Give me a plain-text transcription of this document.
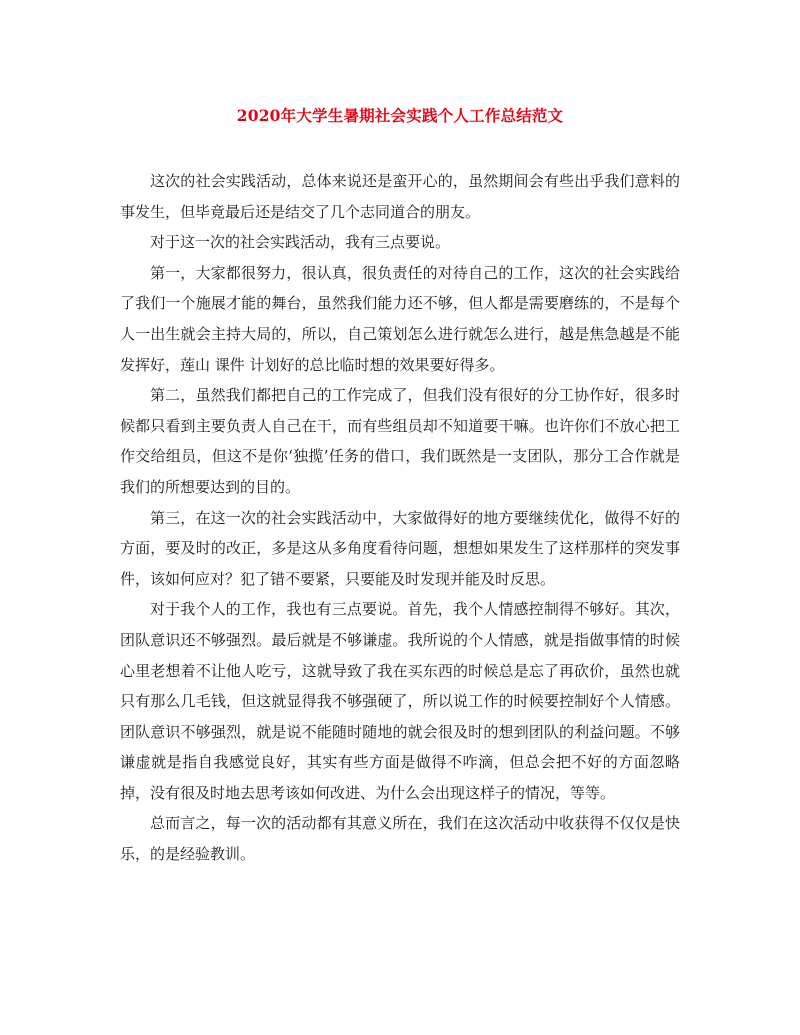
2020年大学生暑期社会实践个人工作总结范文

这次的社会实践活动，总体来说还是蛮开心的，虽然期间会有些出乎我们意料的事发生，但毕竟最后还是结交了几个志同道合的朋友。

对于这一次的社会实践活动，我有三点要说。

第一，大家都很努力，很认真，很负责任的对待自己的工作，这次的社会实践给了我们一个施展才能的舞台，虽然我们能力还不够，但人都是需要磨练的，不是每个人一出生就会主持大局的，所以，自己策划怎么进行就怎么进行，越是焦急越是不能发挥好，莲山 课件 计划好的总比临时想的效果要好得多。

第二，虽然我们都把自己的工作完成了，但我们没有很好的分工协作好，很多时候都只看到主要负责人自己在干，而有些组员却不知道要干嘛。也许你们不放心把工作交给组员，但这不是你‘独揽’任务的借口，我们既然是一支团队，那分工合作就是我们的所想要达到的目的。

第三，在这一次的社会实践活动中，大家做得好的地方要继续优化，做得不好的方面，要及时的改正，多是这从多角度看待问题，想想如果发生了这样那样的突发事件，该如何应对？犯了错不要紧，只要能及时发现并能及时反思。

对于我个人的工作，我也有三点要说。首先，我个人情感控制得不够好。其次，团队意识还不够强烈。最后就是不够谦虚。我所说的个人情感，就是指做事情的时候心里老想着不让他人吃亏，这就导致了我在买东西的时候总是忘了再砍价，虽然也就只有那么几毛钱，但这就显得我不够强硬了，所以说工作的时候要控制好个人情感。团队意识不够强烈，就是说不能随时随地的就会很及时的想到团队的利益问题。不够谦虚就是指自我感觉良好，其实有些方面是做得不咋滴，但总会把不好的方面忽略掉，没有很及时地去思考该如何改进、为什么会出现这样子的情况，等等。

总而言之，每一次的活动都有其意义所在，我们在这次活动中收获得不仅仅是快乐，的是经验教训。
